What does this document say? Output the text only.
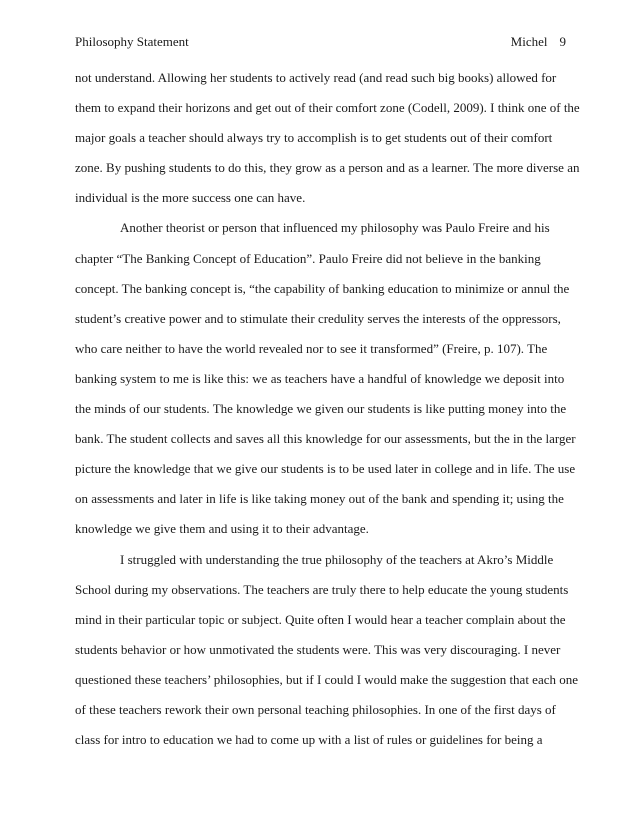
Philosophy Statement	Michel 9
not understand. Allowing her students to actively read (and read such big books) allowed for
them to expand their horizons and get out of their comfort zone (Codell, 2009). I think one of the
major goals a teacher should always try to accomplish is to get students out of their comfort
zone. By pushing students to do this, they grow as a person and as a learner. The more diverse an
individual is the more success one can have.
Another theorist or person that influenced my philosophy was Paulo Freire and his
chapter “The Banking Concept of Education”. Paulo Freire did not believe in the banking
concept. The banking concept is, “the capability of banking education to minimize or annul the
student’s creative power and to stimulate their credulity serves the interests of the oppressors,
who care neither to have the world revealed nor to see it transformed” (Freire, p. 107). The
banking system to me is like this: we as teachers have a handful of knowledge we deposit into
the minds of our students. The knowledge we given our students is like putting money into the
bank. The student collects and saves all this knowledge for our assessments, but the in the larger
picture the knowledge that we give our students is to be used later in college and in life. The use
on assessments and later in life is like taking money out of the bank and spending it; using the
knowledge we give them and using it to their advantage.
I struggled with understanding the true philosophy of the teachers at Akro’s Middle
School during my observations. The teachers are truly there to help educate the young students
mind in their particular topic or subject. Quite often I would hear a teacher complain about the
students behavior or how unmotivated the students were. This was very discouraging. I never
questioned these teachers’ philosophies, but if I could I would make the suggestion that each one
of these teachers rework their own personal teaching philosophies. In one of the first days of
class for intro to education we had to come up with a list of rules or guidelines for being a
